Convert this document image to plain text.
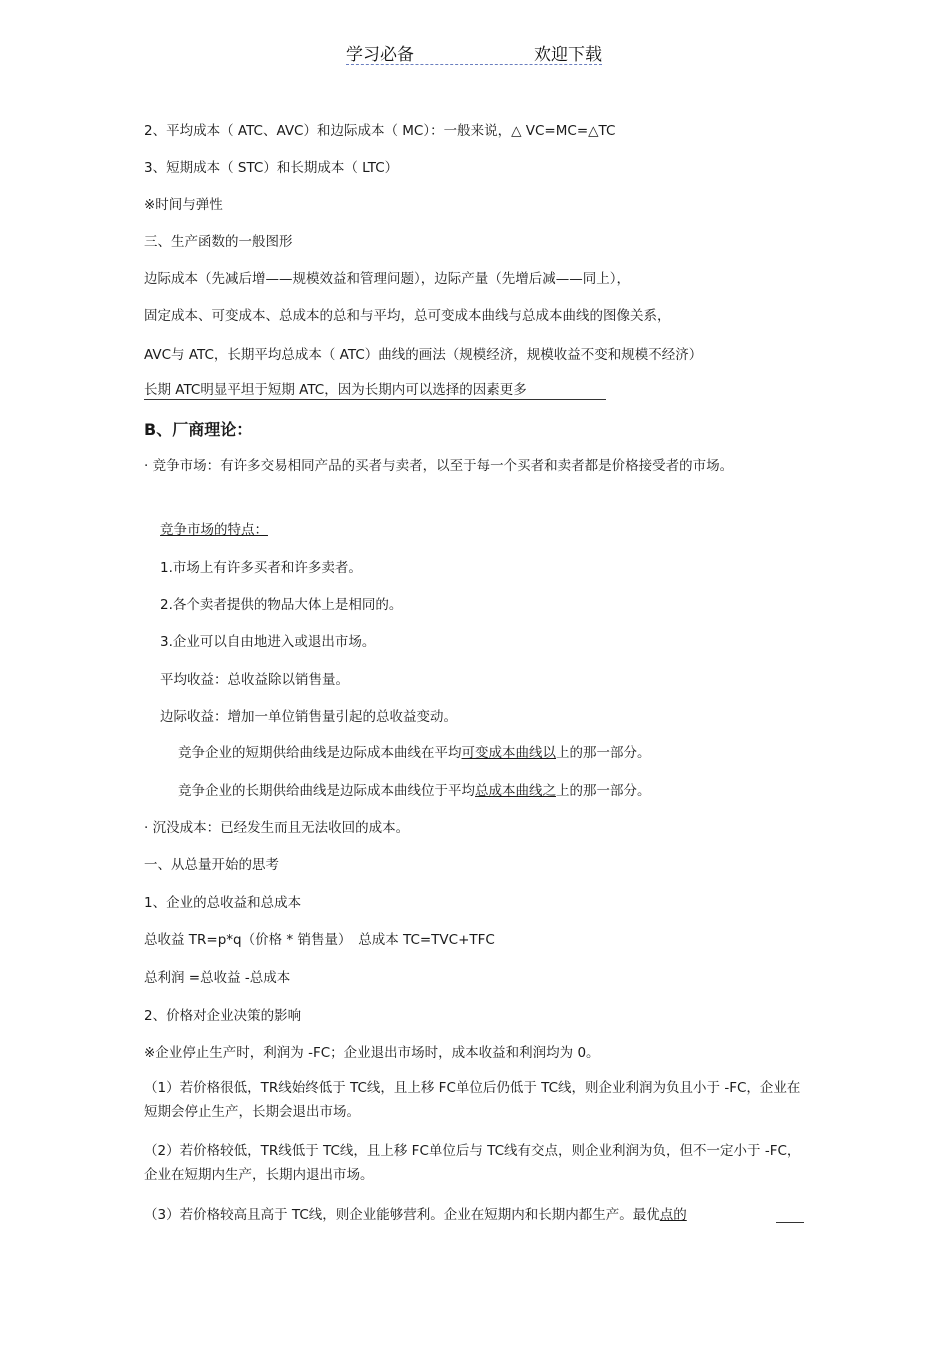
学习必备	欢迎下载
2、平均成本（ ATC、AVC）和边际成本（ MC）：一般来说，△ VC=MC=△TC
3、短期成本（ STC）和长期成本（ LTC）
※时间与弹性
三、生产函数的一般图形
边际成本（先减后增——规模效益和管理问题），边际产量（先增后减——同上），
固定成本、可变成本、总成本的总和与平均，总可变成本曲线与总成本曲线的图像关系，
AVC与 ATC，长期平均总成本（ ATC）曲线的画法（规模经济，规模收益不变和规模不经济）
长期 ATC明显平坦于短期 ATC，因为长期内可以选择的因素更多
B、厂商理论：
· 竞争市场：有许多交易相同产品的买者与卖者，以至于每一个买者和卖者都是价格接受者的市场。
竞争市场的特点：
1.市场上有许多买者和许多卖者。
2.各个卖者提供的物品大体上是相同的。
3.企业可以自由地进入或退出市场。
平均收益：总收益除以销售量。
边际收益：增加一单位销售量引起的总收益变动。
竞争企业的短期供给曲线是边际成本曲线在平均可变成本曲线以上的那一部分。
竞争企业的长期供给曲线是边际成本曲线位于平均总成本曲线之上的那一部分。
· 沉没成本：已经发生而且无法收回的成本。
一、从总量开始的思考
1、企业的总收益和总成本
总收益 TR=p*q（价格 * 销售量）　总成本 TC=TVC+TFC
总利润 =总收益 -总成本
2、价格对企业决策的影响
※企业停止生产时，利润为 -FC；企业退出市场时，成本收益和利润均为 0。
（1）若价格很低，TR线始终低于 TC线，且上移 FC单位后仍低于 TC线，则企业利润为负且小于 -FC，企业在短期会停止生产，长期会退出市场。
（2）若价格较低，TR线低于 TC线，且上移 FC单位后与 TC线有交点，则企业利润为负，但不一定小于 -FC，企业在短期内生产，长期内退出市场。
（3）若价格较高且高于 TC线，则企业能够营利。企业在短期内和长期内都生产。最优点的
